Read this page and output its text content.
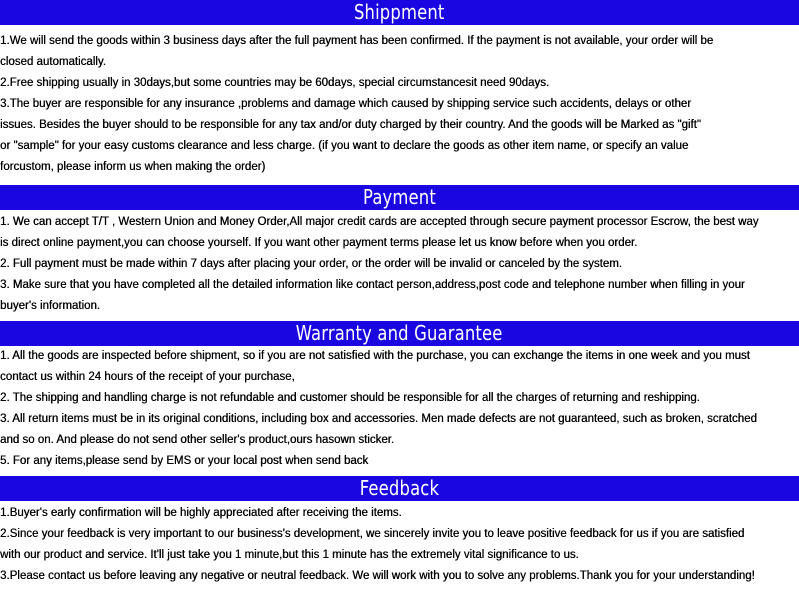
Shippment
1.We will send the goods within 3 business days after the full payment has been confirmed. If the payment is not available, your order will be
closed automatically.
2.Free shipping usually in 30days,but some countries may be 60days, special circumstancesit need 90days.
3.The buyer are responsible for any insurance ,problems and damage which caused by shipping service such accidents, delays or other
issues. Besides the buyer should to be responsible for any tax and/or duty charged by their country. And the goods will be Marked as "gift"
or "sample" for your easy customs clearance and less charge. (if you want to declare the goods as other item name, or specify an value
forcustom, please inform us when making the order)
Payment
1. We can accept T/T , Western Union and Money Order,All major credit cards are accepted through secure payment processor Escrow, the best way
is direct online payment,you can choose yourself. If you want other payment terms please let us know before when you order.
2. Full payment must be made within 7 days after placing your order, or the order will be invalid or canceled by the system.
3. Make sure that you have completed all the detailed information like contact person,address,post code and telephone number when filling in your
buyer's information.
Warranty and Guarantee
1. All the goods are inspected before shipment, so if you are not satisfied with the purchase, you can exchange the items in one week and you must
contact us within 24 hours of the receipt of your purchase,
2. The shipping and handling charge is not refundable and customer should be responsible for all the charges of returning and reshipping.
3. All return items must be in its original conditions, including box and accessories. Men made defects are not guaranteed, such as broken, scratched
and so on. And please do not send other seller's product,ours hasown sticker.
5. For any items,please send by EMS or your local post when send back
Feedback
1.Buyer's early confirmation will be highly appreciated after receiving the items.
2.Since your feedback is very important to our business's development, we sincerely invite you to leave positive feedback for us if you are satisfied
with our product and service. It'll just take you 1 minute,but this 1 minute has the extremely vital significance to us.
3.Please contact us before leaving any negative or neutral feedback. We will work with you to solve any problems.Thank you for your understanding!
